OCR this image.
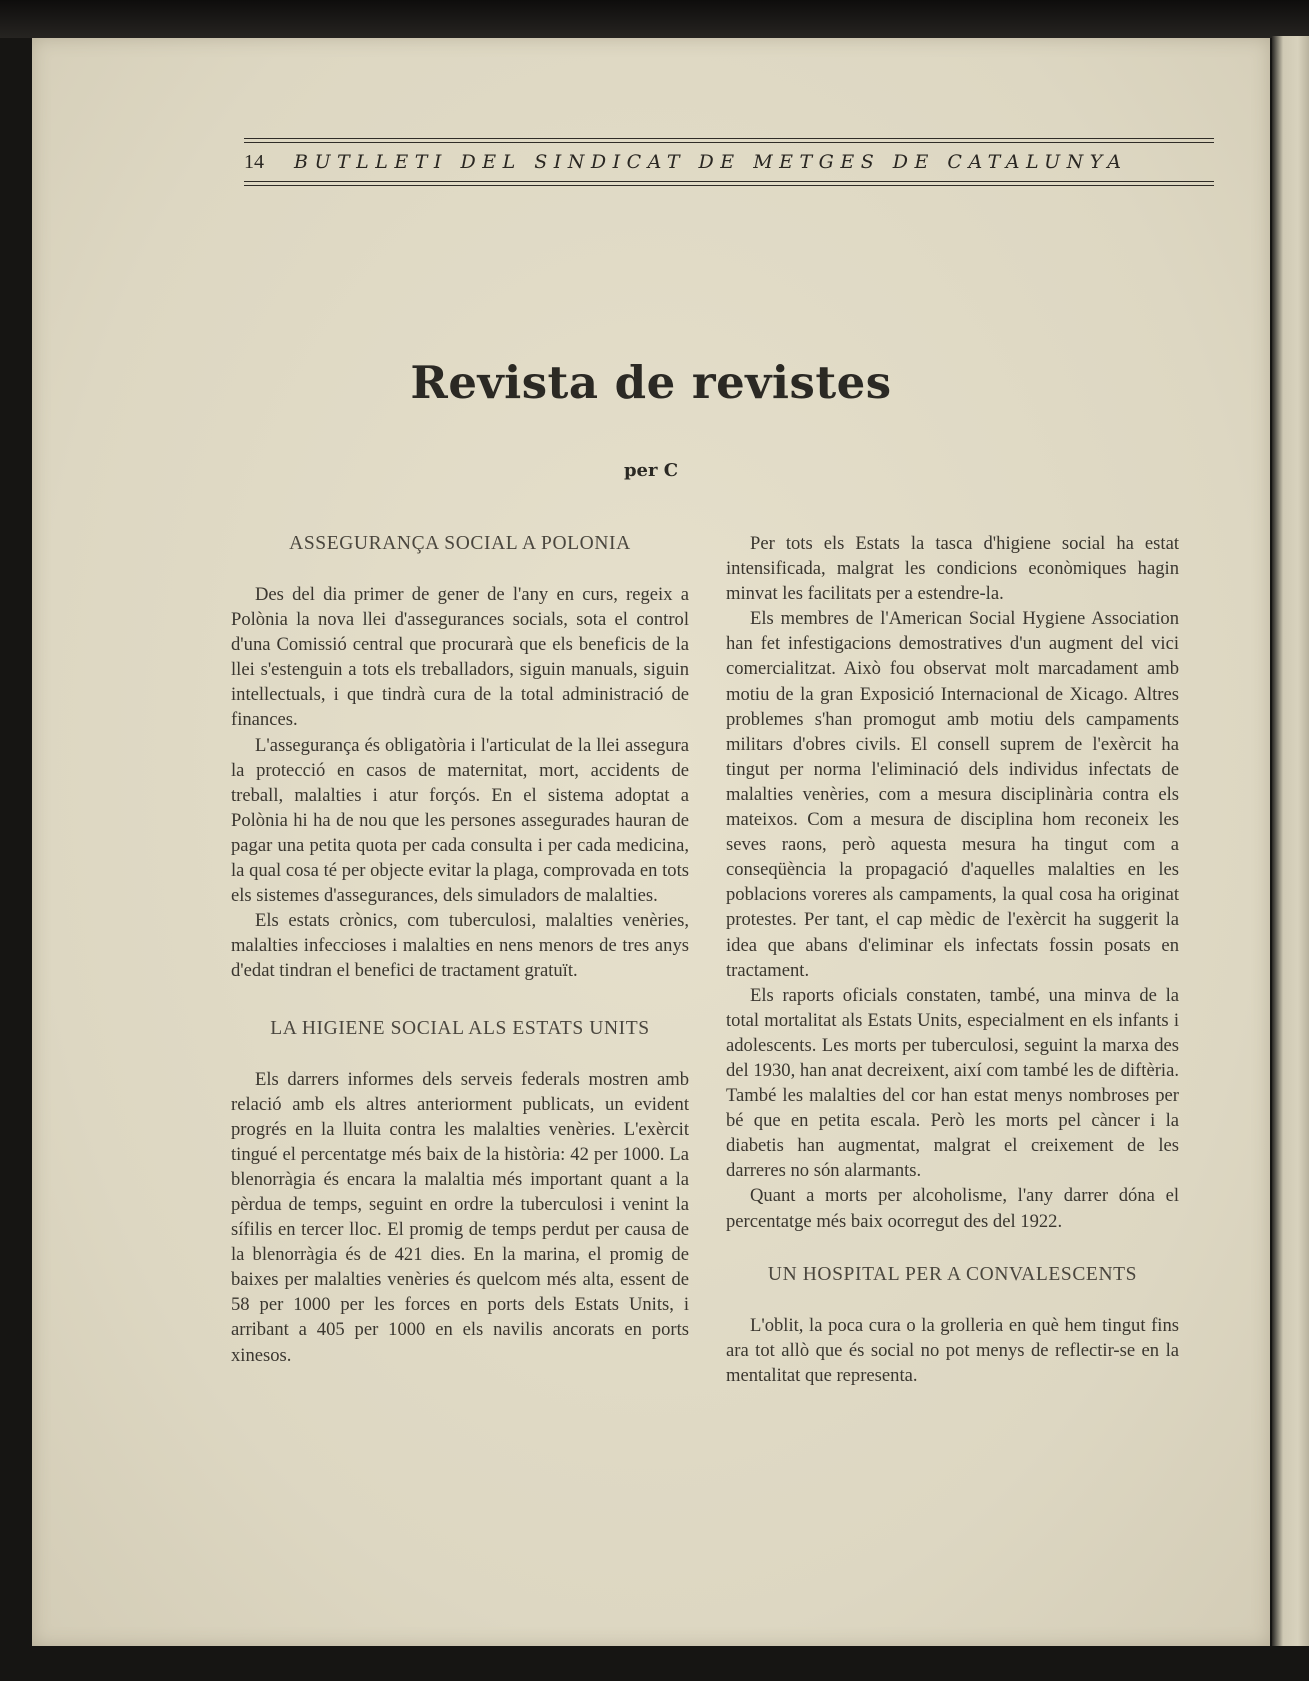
14	BUTLLETI DEL SINDICAT DE METGES DE CATALUNYA
Revista de revistes
per C
ASSEGURANÇA SOCIAL A POLONIA

Des del dia primer de gener de l'any en curs, regeix a Polònia la nova llei d'assegurances socials, sota el control d'una Comissió central que procurarà que els beneficis de la llei s'estenguin a tots els treballadors, siguin manuals, siguin intellectuals, i que tindrà cura de la total administració de finances.

L'assegurança és obligatòria i l'articulat de la llei assegura la protecció en casos de maternitat, mort, accidents de treball, malalties i atur forçós. En el sistema adoptat a Polònia hi ha de nou que les persones assegurades hauran de pagar una petita quota per cada consulta i per cada medicina, la qual cosa té per objecte evitar la plaga, comprovada en tots els sistemes d'assegurances, dels simuladors de malalties.

Els estats crònics, com tuberculosi, malalties venèries, malalties infeccioses i malalties en nens menors de tres anys d'edat tindran el benefici de tractament gratuït.

LA HIGIENE SOCIAL ALS ESTATS UNITS

Els darrers informes dels serveis federals mostren amb relació amb els altres anteriorment publicats, un evident progrés en la lluita contra les malalties venèries. L'exèrcit tingué el percentatge més baix de la història: 42 per 1000. La blenorràgia és encara la malaltia més important quant a la pèrdua de temps, seguint en ordre la tuberculosi i venint la sífilis en tercer lloc. El promig de temps perdut per causa de la blenorràgia és de 421 dies. En la marina, el promig de baixes per malalties venèries és quelcom més alta, essent de 58 per 1000 per les forces en ports dels Estats Units, i arribant a 405 per 1000 en els navilis ancorats en ports xinesos.

Per tots els Estats la tasca d'higiene social ha estat intensificada, malgrat les condicions econòmiques hagin minvat les facilitats per a estendre-la.

Els membres de l'American Social Hygiene Association han fet infestigacions demostratives d'un augment del vici comercialitzat. Això fou observat molt marcadament amb motiu de la gran Exposició Internacional de Xicago. Altres problemes s'han promogut amb motiu dels campaments militars d'obres civils. El consell suprem de l'exèrcit ha tingut per norma l'eliminació dels individus infectats de malalties venèries, com a mesura disciplinària contra els mateixos. Com a mesura de disciplina hom reconeix les seves raons, però aquesta mesura ha tingut com a conseqüència la propagació d'aquelles malalties en les poblacions voreres als campaments, la qual cosa ha originat protestes. Per tant, el cap mèdic de l'exèrcit ha suggerit la idea que abans d'eliminar els infectats fossin posats en tractament.

Els raports oficials constaten, també, una minva de la total mortalitat als Estats Units, especialment en els infants i adolescents. Les morts per tuberculosi, seguint la marxa des del 1930, han anat decreixent, així com també les de diftèria. També les malalties del cor han estat menys nombroses per bé que en petita escala. Però les morts pel càncer i la diabetis han augmentat, malgrat el creixement de les darreres no són alarmants.

Quant a morts per alcoholisme, l'any darrer dóna el percentatge més baix ocorregut des del 1922.

UN HOSPITAL PER A CONVALESCENTS

L'oblit, la poca cura o la grolleria en què hem tingut fins ara tot allò que és social no pot menys de reflectir-se en la mentalitat que representa.
